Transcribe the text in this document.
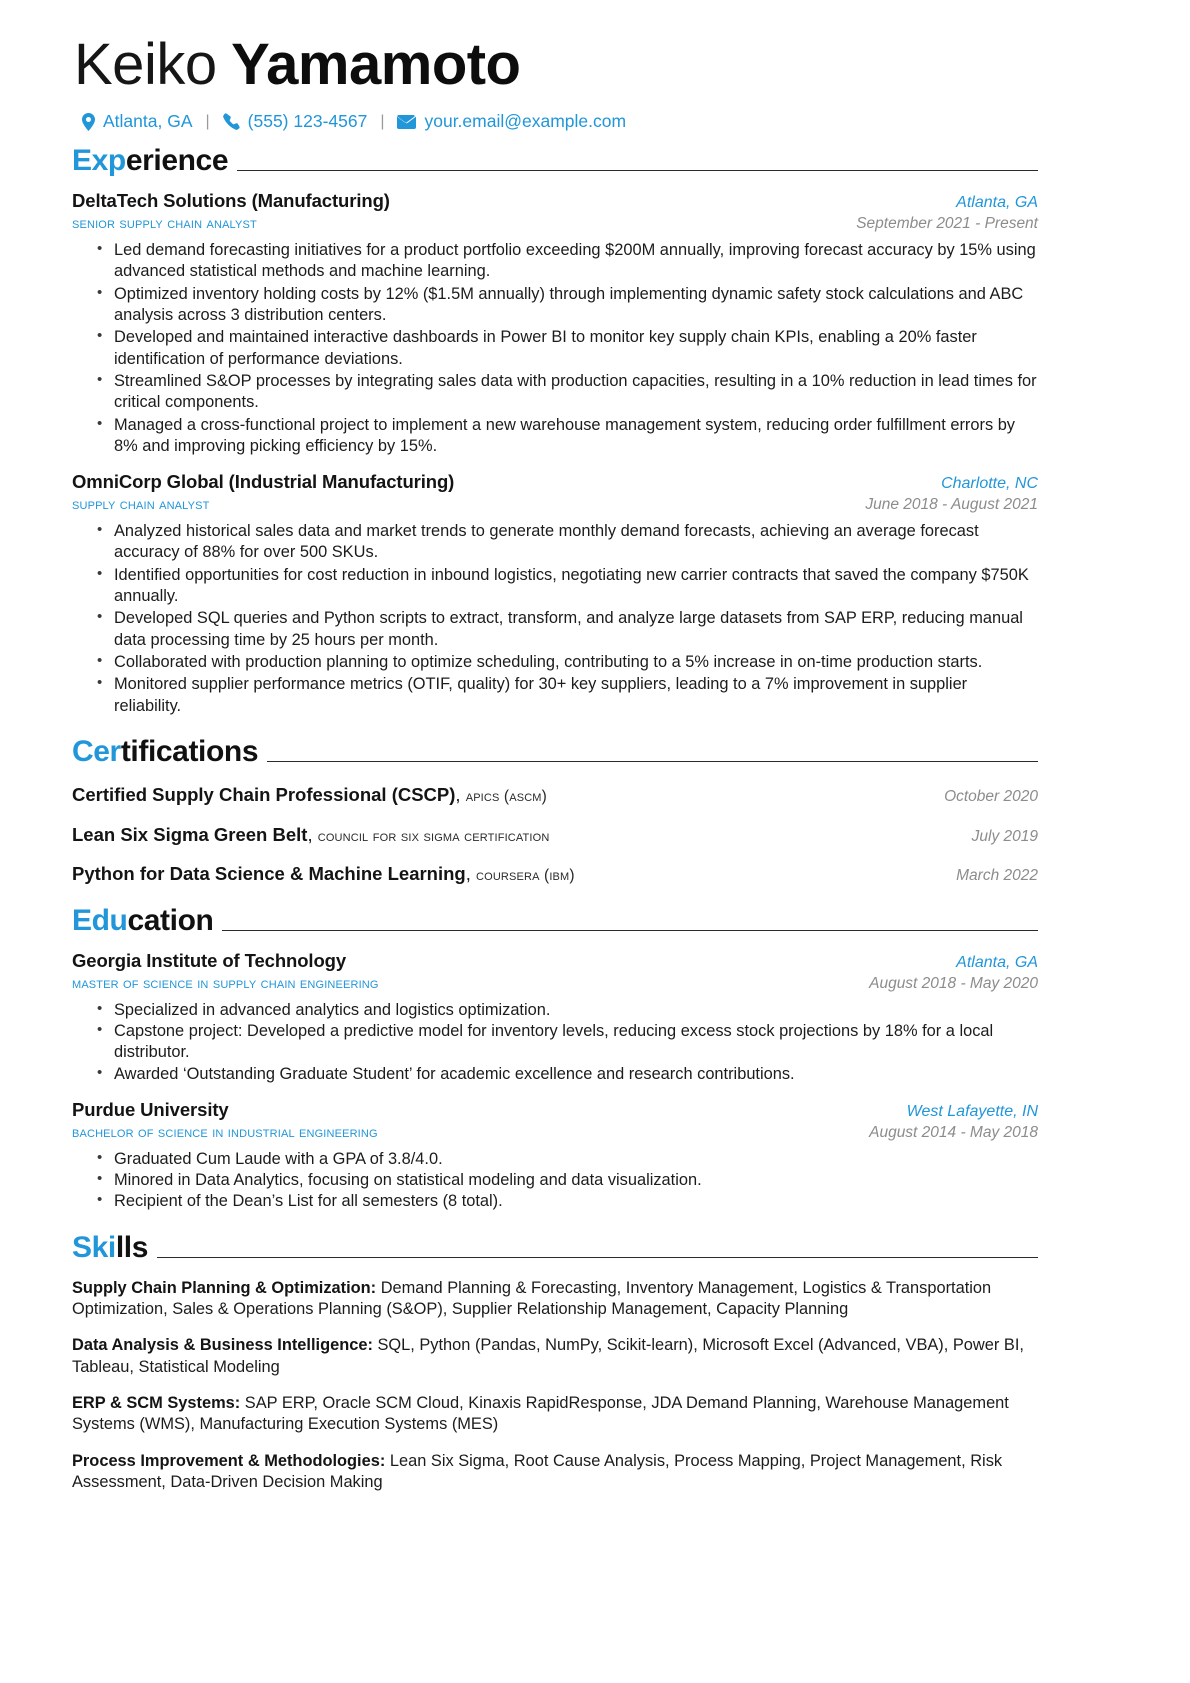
Keiko Yamamoto
Atlanta, GA | (555) 123-4567 | your.email@example.com
Experience
DeltaTech Solutions (Manufacturing)	Atlanta, GA
senior supply chain analyst	September 2021 - Present
• Led demand forecasting initiatives for a product portfolio exceeding $200M annually, improving forecast accuracy by 15% using advanced statistical methods and machine learning.
• Optimized inventory holding costs by 12% ($1.5M annually) through implementing dynamic safety stock calculations and ABC analysis across 3 distribution centers.
• Developed and maintained interactive dashboards in Power BI to monitor key supply chain KPIs, enabling a 20% faster identification of performance deviations.
• Streamlined S&OP processes by integrating sales data with production capacities, resulting in a 10% reduction in lead times for critical components.
• Managed a cross-functional project to implement a new warehouse management system, reducing order fulfillment errors by 8% and improving picking efficiency by 15%.
OmniCorp Global (Industrial Manufacturing)	Charlotte, NC
supply chain analyst	June 2018 - August 2021
• Analyzed historical sales data and market trends to generate monthly demand forecasts, achieving an average forecast accuracy of 88% for over 500 SKUs.
• Identified opportunities for cost reduction in inbound logistics, negotiating new carrier contracts that saved the company $750K annually.
• Developed SQL queries and Python scripts to extract, transform, and analyze large datasets from SAP ERP, reducing manual data processing time by 25 hours per month.
• Collaborated with production planning to optimize scheduling, contributing to a 5% increase in on-time production starts.
• Monitored supplier performance metrics (OTIF, quality) for 30+ key suppliers, leading to a 7% improvement in supplier reliability.
Certifications
Certified Supply Chain Professional (CSCP), apics (ascm)	October 2020
Lean Six Sigma Green Belt, council for six sigma certification	July 2019
Python for Data Science & Machine Learning, coursera (ibm)	March 2022
Education
Georgia Institute of Technology	Atlanta, GA
master of science in supply chain engineering	August 2018 - May 2020
• Specialized in advanced analytics and logistics optimization.
• Capstone project: Developed a predictive model for inventory levels, reducing excess stock projections by 18% for a local distributor.
• Awarded ‘Outstanding Graduate Student’ for academic excellence and research contributions.
Purdue University	West Lafayette, IN
bachelor of science in industrial engineering	August 2014 - May 2018
• Graduated Cum Laude with a GPA of 3.8/4.0.
• Minored in Data Analytics, focusing on statistical modeling and data visualization.
• Recipient of the Dean’s List for all semesters (8 total).
Skills
Supply Chain Planning & Optimization: Demand Planning & Forecasting, Inventory Management, Logistics & Transportation Optimization, Sales & Operations Planning (S&OP), Supplier Relationship Management, Capacity Planning
Data Analysis & Business Intelligence: SQL, Python (Pandas, NumPy, Scikit-learn), Microsoft Excel (Advanced, VBA), Power BI, Tableau, Statistical Modeling
ERP & SCM Systems: SAP ERP, Oracle SCM Cloud, Kinaxis RapidResponse, JDA Demand Planning, Warehouse Management Systems (WMS), Manufacturing Execution Systems (MES)
Process Improvement & Methodologies: Lean Six Sigma, Root Cause Analysis, Process Mapping, Project Management, Risk Assessment, Data-Driven Decision Making
